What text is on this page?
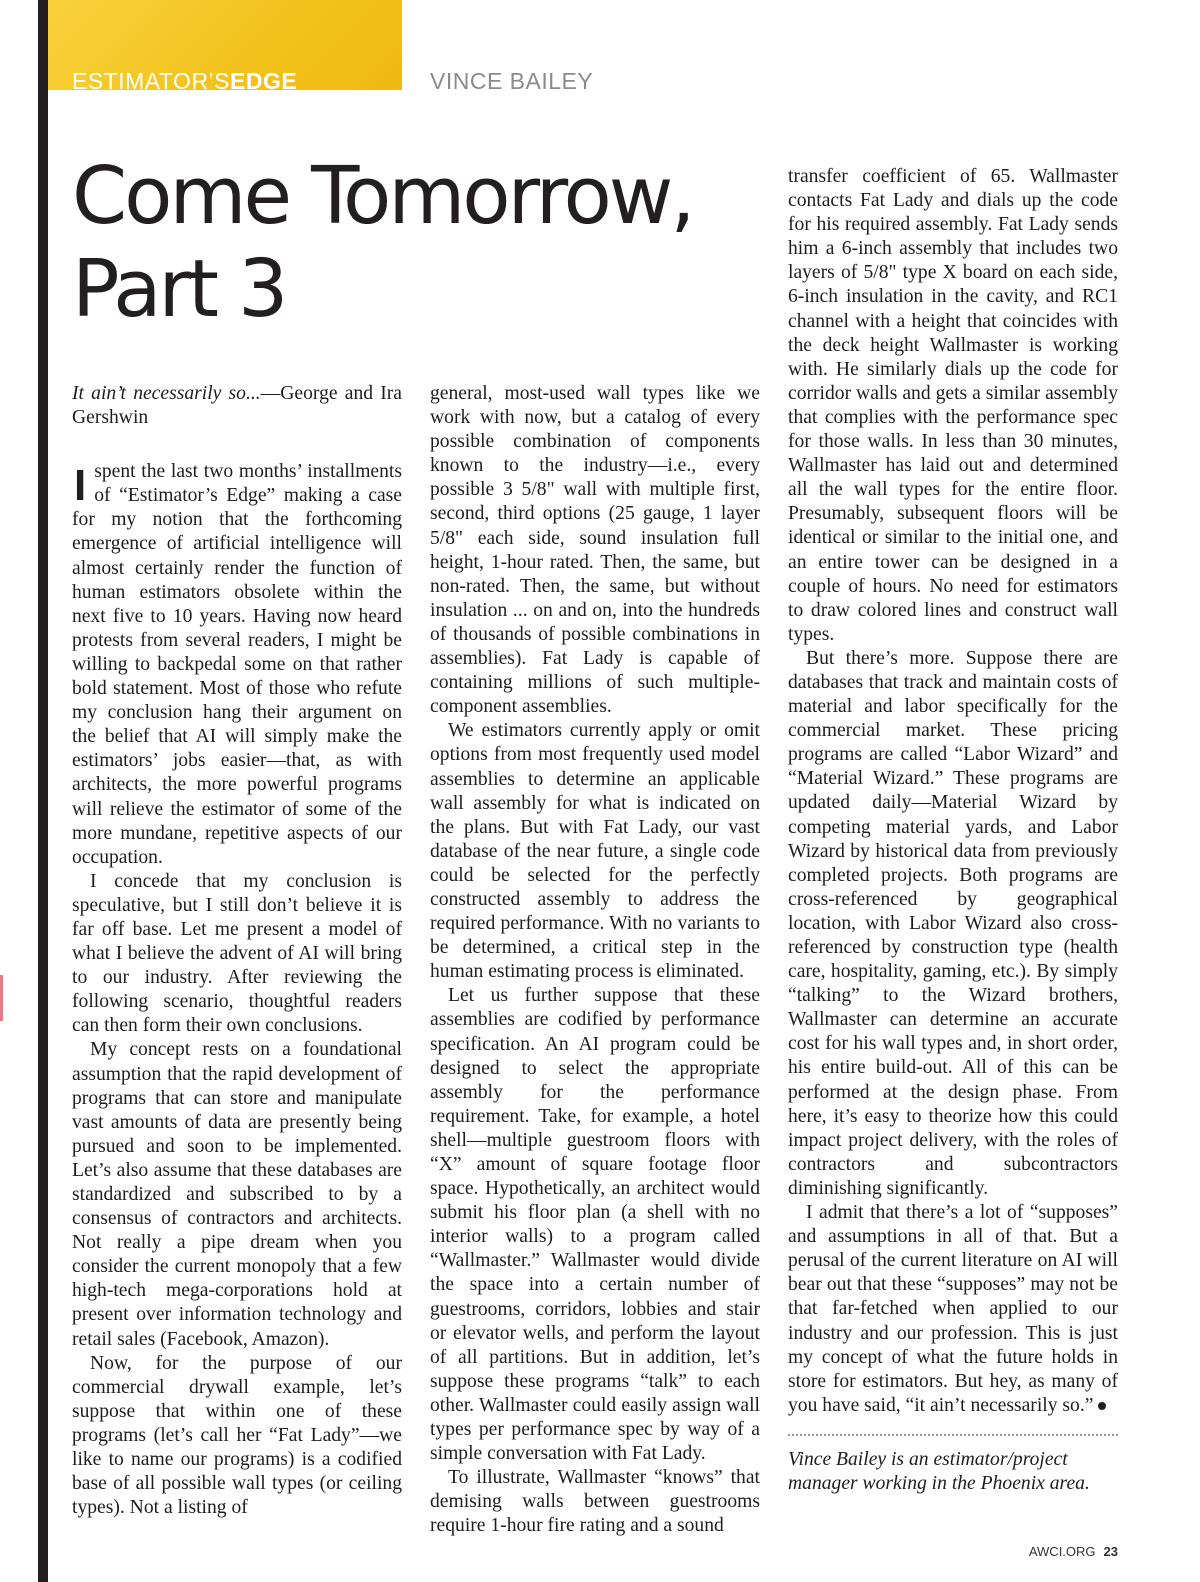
ESTIMATOR’SEDGE	VINCE BAILEY
Come Tomorrow,
Part 3

It ain’t necessarily so...—George and Ira Gershwin

Ispent the last two months’ installments of “Estimator’s Edge” making a case for my notion that the forthcoming emergence of artificial intelligence will almost certainly render the function of human estimators obsolete within the next five to 10 years. Having now heard protests from several readers, I might be willing to backpedal some on that rather bold statement. Most of those who refute my conclusion hang their argument on the belief that AI will simply make the estimators’ jobs easier—that, as with architects, the more powerful programs will relieve the estimator of some of the more mundane, repetitive aspects of our occupation.

I concede that my conclusion is speculative, but I still don’t believe it is far off base. Let me present a model of what I believe the advent of AI will bring to our industry. After reviewing the following scenario, thoughtful readers can then form their own conclusions.

My concept rests on a foundational assumption that the rapid development of programs that can store and manipulate vast amounts of data are presently being pursued and soon to be implemented. Let’s also assume that these databases are standardized and subscribed to by a consensus of contractors and architects. Not really a pipe dream when you consider the current monopoly that a few high-tech mega-corporations hold at present over information technology and retail sales (Facebook, Amazon).

Now, for the purpose of our commercial drywall example, let’s suppose that within one of these programs (let’s call her “Fat Lady”—we like to name our programs) is a codified base of all possible wall types (or ceiling types). Not a listing of

general, most-used wall types like we work with now, but a catalog of every possible combination of components known to the industry—i.e., every possible 3 5/8" wall with multiple first, second, third options (25 gauge, 1 layer 5/8" each side, sound insulation full height, 1-hour rated. Then, the same, but non-rated. Then, the same, but without insulation ... on and on, into the hundreds of thousands of possible combinations in assemblies). Fat Lady is capable of containing millions of such multiple-component assemblies.

We estimators currently apply or omit options from most frequently used model assemblies to determine an applicable wall assembly for what is indicated on the plans. But with Fat Lady, our vast database of the near future, a single code could be selected for the perfectly constructed assembly to address the required performance. With no variants to be determined, a critical step in the human estimating process is eliminated.

Let us further suppose that these assemblies are codified by performance specification. An AI program could be designed to select the appropriate assembly for the performance requirement. Take, for example, a hotel shell—multiple guestroom floors with “X” amount of square footage floor space. Hypothetically, an architect would submit his floor plan (a shell with no interior walls) to a program called “Wallmaster.” Wallmaster would divide the space into a certain number of guestrooms, corridors, lobbies and stair or elevator wells, and perform the layout of all partitions. But in addition, let’s suppose these programs “talk” to each other. Wallmaster could easily assign wall types per performance spec by way of a simple conversation with Fat Lady.

To illustrate, Wallmaster “knows” that demising walls between guestrooms require 1-hour fire rating and a sound

transfer coefficient of 65. Wallmaster contacts Fat Lady and dials up the code for his required assembly. Fat Lady sends him a 6-inch assembly that includes two layers of 5/8" type X board on each side, 6-inch insulation in the cavity, and RC1 channel with a height that coincides with the deck height Wallmaster is working with. He similarly dials up the code for corridor walls and gets a similar assembly that complies with the performance spec for those walls. In less than 30 minutes, Wallmaster has laid out and determined all the wall types for the entire floor. Presumably, subsequent floors will be identical or similar to the initial one, and an entire tower can be designed in a couple of hours. No need for estimators to draw colored lines and construct wall types.

But there’s more. Suppose there are databases that track and maintain costs of material and labor specifically for the commercial market. These pricing programs are called “Labor Wizard” and “Material Wizard.” These programs are updated daily—Material Wizard by competing material yards, and Labor Wizard by historical data from previously completed projects. Both programs are cross-referenced by geographical location, with Labor Wizard also cross-referenced by construction type (health care, hospitality, gaming, etc.). By simply “talking” to the Wizard brothers, Wallmaster can determine an accurate cost for his wall types and, in short order, his entire build-out. All of this can be performed at the design phase. From here, it’s easy to theorize how this could impact project delivery, with the roles of contractors and subcontractors diminishing significantly.

I admit that there’s a lot of “supposes” and assumptions in all of that. But a perusal of the current literature on AI will bear out that these “supposes” may not be that far-fetched when applied to our industry and our profession. This is just my concept of what the future holds in store for estimators. But hey, as many of you have said, “it ain’t necessarily so.”

Vince Bailey is an estimator/project manager working in the Phoenix area.

AWCI.ORG 23
